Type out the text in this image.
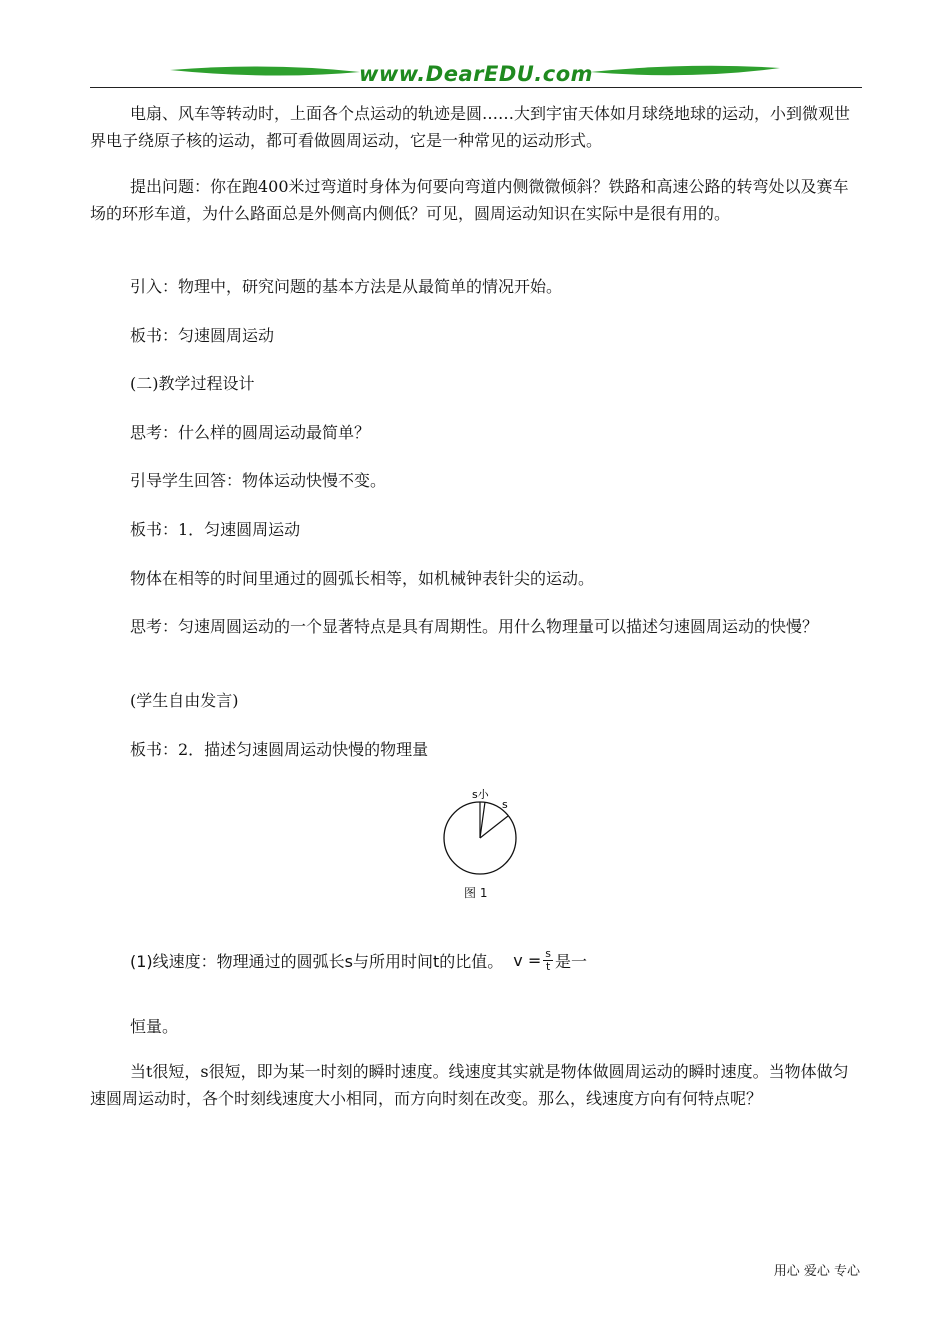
www.DearEDU.com

电扇、风车等转动时，上面各个点运动的轨迹是圆……大到宇宙天体如月球绕地球的运动，小到微观世界电子绕原子核的运动，都可看做圆周运动，它是一种常见的运动形式。

提出问题：你在跑400米过弯道时身体为何要向弯道内侧微微倾斜？铁路和高速公路的转弯处以及赛车场的环形车道，为什么路面总是外侧高内侧低？可见，圆周运动知识在实际中是很有用的。

引入：物理中，研究问题的基本方法是从最简单的情况开始。

板书：匀速圆周运动

(二)教学过程设计

思考：什么样的圆周运动最简单？

引导学生回答：物体运动快慢不变。

板书：1．匀速圆周运动

物体在相等的时间里通过的圆弧长相等，如机械钟表针尖的运动。

思考：匀速周圆运动的一个显著特点是具有周期性。用什么物理量可以描述匀速圆周运动的快慢？

(学生自由发言)

板书：2．描述匀速圆周运动快慢的物理量

s小
s
图 1
(1)线速度：物理通过的圆弧长s与所用时间t的比值。 $v = \frac{s}{t}$ 是一

恒量。

当t很短，s很短，即为某一时刻的瞬时速度。线速度其实就是物体做圆周运动的瞬时速度。当物体做匀速圆周运动时，各个时刻线速度大小相同，而方向时刻在改变。那么，线速度方向有何特点呢？

用心 爱心 专心
